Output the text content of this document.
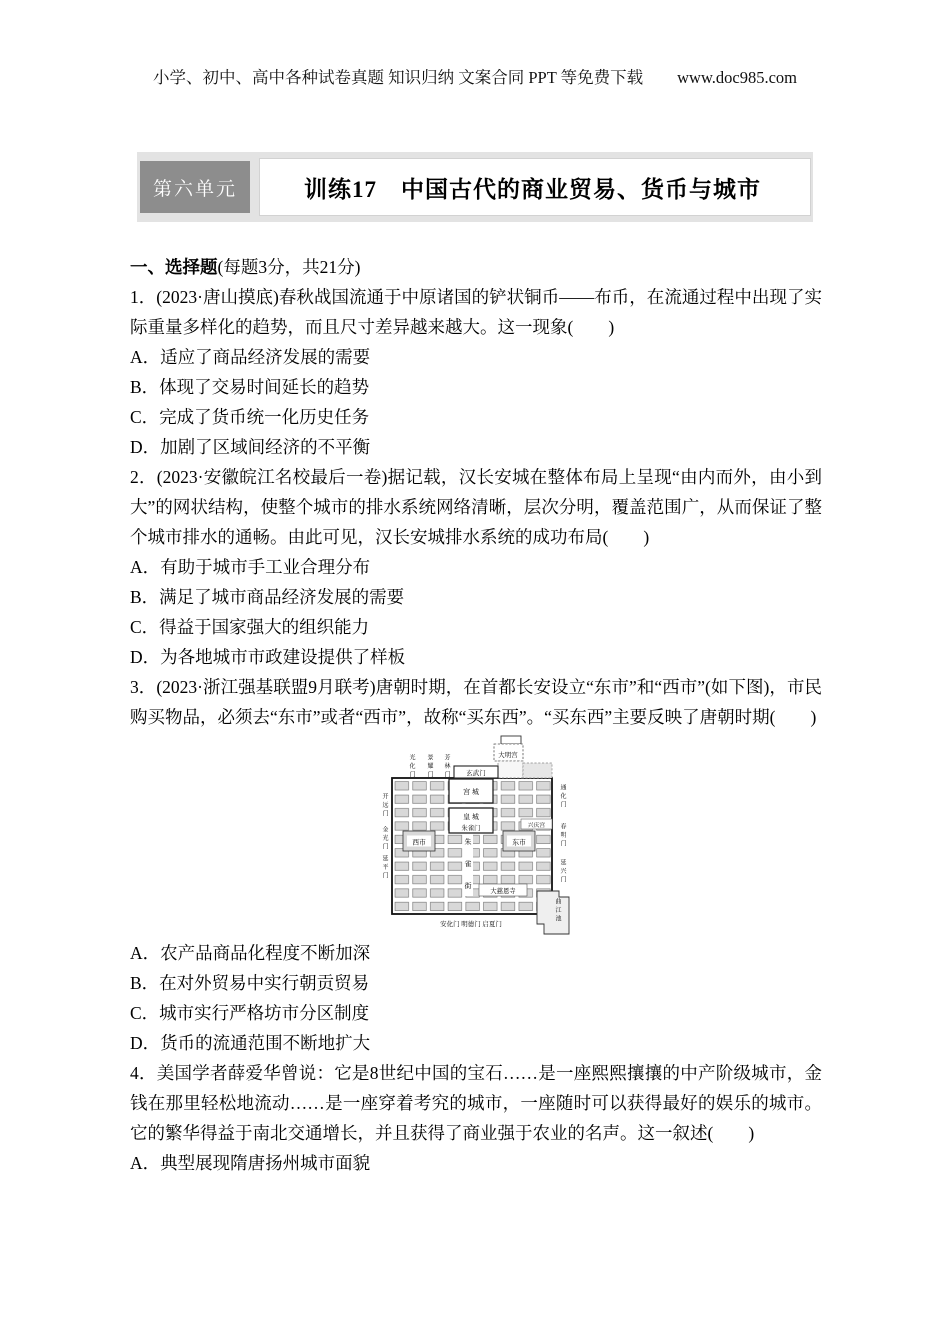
小学、初中、高中各种试卷真题 知识归纳 文案合同 PPT 等免费下载 www.doc985.com
第六单元	训练17　中国古代的商业贸易、货币与城市

一、选择题(每题3分，共21分)

1．(2023·唐山摸底)春秋战国流通于中原诸国的铲状铜币——布币，在流通过程中出现了实际重量多样化的趋势，而且尺寸差异越来越大。这一现象(　　)

A．适应了商品经济发展的需要

B．体现了交易时间延长的趋势

C．完成了货币统一化历史任务

D．加剧了区域间经济的不平衡

2．(2023·安徽皖江名校最后一卷)据记载，汉长安城在整体布局上呈现“由内而外，由小到大”的网状结构，使整个城市的排水系统网络清晰，层次分明，覆盖范围广，从而保证了整个城市排水的通畅。由此可见，汉长安城排水系统的成功布局(　　)

A．有助于城市手工业合理分布

B．满足了城市商品经济发展的需要

C．得益于国家强大的组织能力

D．为各地城市市政建设提供了样板

3．(2023·浙江强基联盟9月联考)唐朝时期，在首都长安设立“东市”和“西市”(如下图)，市民购买物品，必须去“东市”或者“西市”，故称“买东西”。“买东西”主要反映了唐朝时期(　　)

大明宫
玄武门
宫 城
皇 城
朱雀门
光化门 景耀门 芳林门
开远门
金光门
延平门
通化门
春明门
延兴门
西市	东市
兴庆宫
朱雀街	大慈恩寺
曲江池
安化门 明德门 启夏门

A．农产品商品化程度不断加深

B．在对外贸易中实行朝贡贸易

C．城市实行严格坊市分区制度

D．货币的流通范围不断地扩大

4．美国学者薛爱华曾说：它是8世纪中国的宝石……是一座熙熙攘攘的中产阶级城市，金钱在那里轻松地流动……是一座穿着考究的城市，一座随时可以获得最好的娱乐的城市。它的繁华得益于南北交通增长，并且获得了商业强于农业的名声。这一叙述(　　)

A．典型展现隋唐扬州城市面貌
